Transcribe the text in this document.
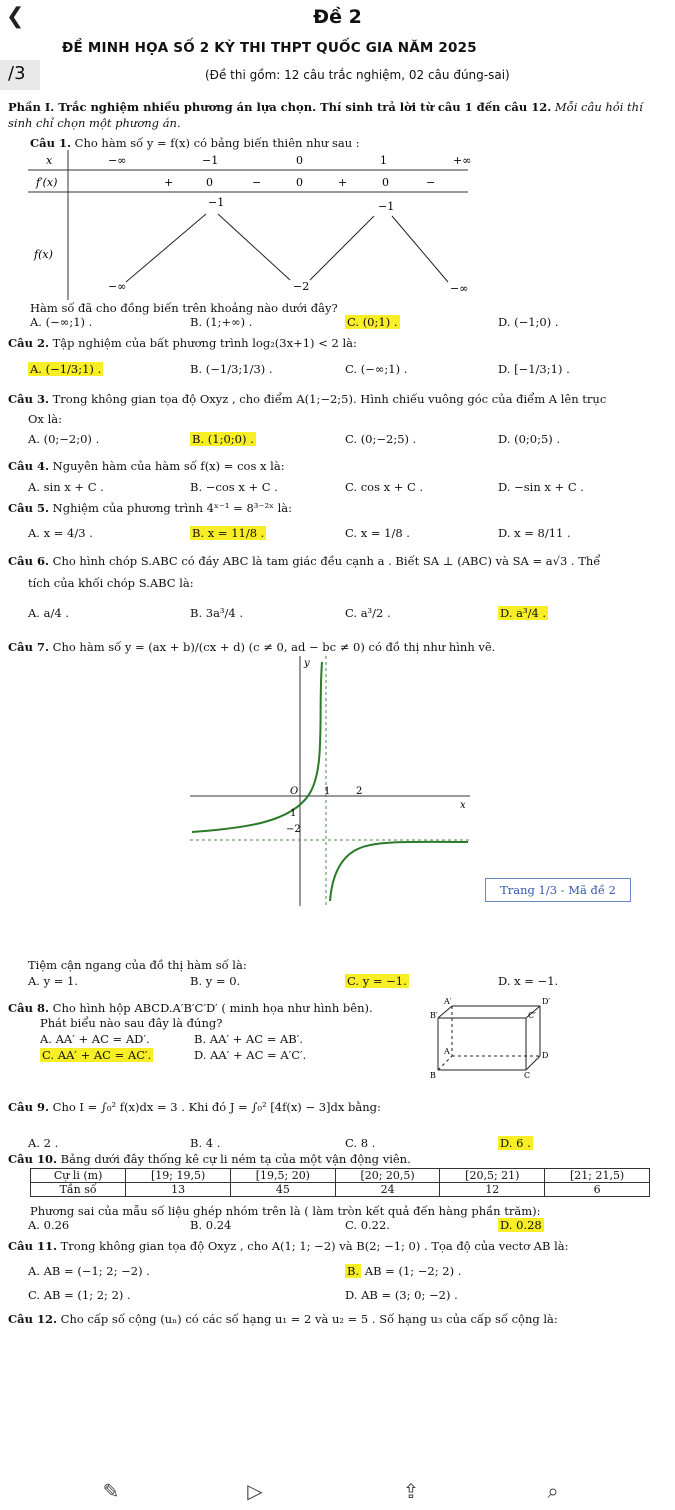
❮	Đề 2
ĐỀ MINH HỌA SỐ 2 KỲ THI THPT QUỐC GIA NĂM 2025
/3	(Đề thi gồm: 12 câu trắc nghiệm, 02 câu đúng-sai)
Phần I. Trắc nghiệm nhiều phương án lựa chọn. Thí sinh trả lời từ câu 1 đến câu 12. Mỗi câu hỏi thí sinh chỉ chọn một phương án.
Câu 1. Cho hàm số y = f(x) có bảng biến thiên như sau :
x	−∞	−1	0	1	+∞
f′(x)	+	0	−	0	+	0	−
f(x)
−1	−1
−∞	−2	−∞
Hàm số đã cho đồng biến trên khoảng nào dưới đây?
A. (−∞;1) .	B. (1;+∞) .	C. (0;1) .	D. (−1;0) .
Câu 2. Tập nghiệm của bất phương trình log₂(3x+1) < 2 là:
A. (−1/3;1) .	B. (−1/3;1/3) .	C. (−∞;1) .	D. [−1/3;1) .
Câu 3. Trong không gian tọa độ Oxyz , cho điểm A(1;−2;5). Hình chiếu vuông góc của điểm A lên trục
Ox là:
A. (0;−2;0) .	B. (1;0;0) .	C. (0;−2;5) .	D. (0;0;5) .
Câu 4. Nguyên hàm của hàm số f(x) = cos x là:
A. sin x + C .	B. −cos x + C .	C. cos x + C .	D. −sin x + C .
Câu 5. Nghiệm của phương trình 4ˣ⁻¹ = 8³⁻²ˣ là:
A. x = 4/3 .	B. x = 11/8 .	C. x = 1/8 .	D. x = 8/11 .
Câu 6. Cho hình chóp S.ABC có đáy ABC là tam giác đều cạnh a . Biết SA ⊥ (ABC) và SA = a√3 . Thể
tích của khối chóp S.ABC là:
A. a/4 .	B. 3a³/4 .	C. a³/2 .	D. a³/4 .
Câu 7. Cho hàm số y = (ax + b)/(cx + d) (c ≠ 0, ad − bc ≠ 0) có đồ thị như hình vẽ.
y
x
O	1	2
1
−2
Trang 1/3 - Mã đề 2
Tiệm cận ngang của đồ thị hàm số là:
A. y = 1.	B. y = 0.	C. y = −1.	D. x = −1.
Câu 8. Cho hình hộp ABCD.A′B′C′D′ ( minh họa như hình bên).
Phát biểu nào sau đây là đúng?
A. AA′ + AC = AD′.	B. AA′ + AC = AB′.
C. AA′ + AC = AC′.	D. AA′ + AC = A′C′.
A′	D′
B′	C′
A	D
B	C
Câu 9. Cho I = ∫₀² f(x)dx = 3 . Khi đó J = ∫₀² [4f(x) − 3]dx bằng:
A. 2 .	B. 4 .	C. 8 .	D. 6 .
Câu 10. Bảng dưới đây thống kê cự li ném tạ của một vận động viên.
Cự li (m)	[19; 19,5)	[19,5; 20)	[20; 20,5)	[20,5; 21)	[21; 21,5)
Tần số	13	45	24	12	6
Phương sai của mẫu số liệu ghép nhóm trên là ( làm tròn kết quả đến hàng phần trăm):
A. 0.26	B. 0.24	C. 0.22.	D. 0.28
Câu 11. Trong không gian tọa độ Oxyz , cho A(1; 1; −2) và B(2; −1; 0) . Tọa độ của vectơ AB là:
A. AB = (−1; 2; −2) .	B. AB = (1; −2; 2) .
C. AB = (1; 2; 2) .	D. AB = (3; 0; −2) .
Câu 12. Cho cấp số cộng (uₙ) có các số hạng u₁ = 2 và u₂ = 5 . Số hạng u₃ của cấp số cộng là:
✎	▷	⇪	⌕
